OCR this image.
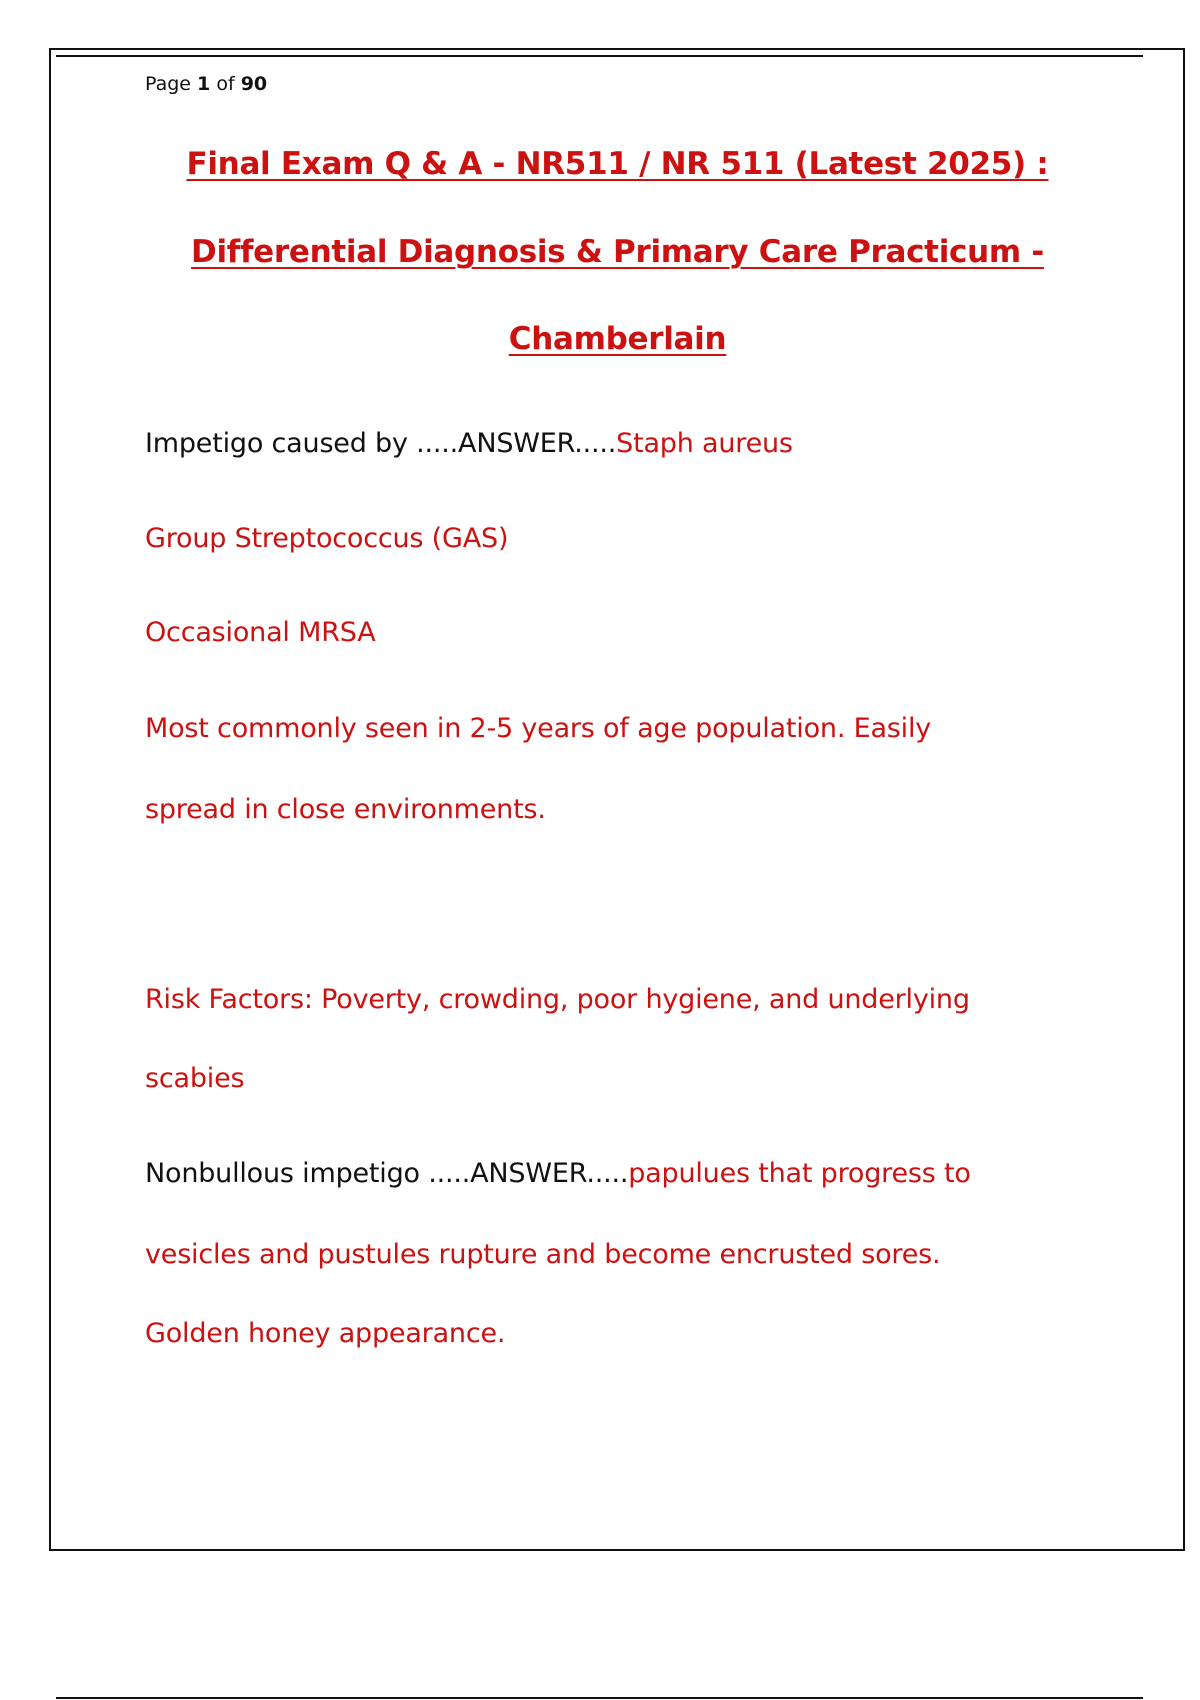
Page 1 of 90
Final Exam Q & A - NR511 / NR 511 (Latest 2025) :
Differential Diagnosis & Primary Care Practicum -
Chamberlain
Impetigo caused by .....ANSWER.....Staph aureus
Group Streptococcus (GAS)
Occasional MRSA
Most commonly seen in 2-5 years of age population. Easily
spread in close environments.
Risk Factors: Poverty, crowding, poor hygiene, and underlying
scabies
Nonbullous impetigo .....ANSWER.....papulues that progress to
vesicles and pustules rupture and become encrusted sores.
Golden honey appearance.
